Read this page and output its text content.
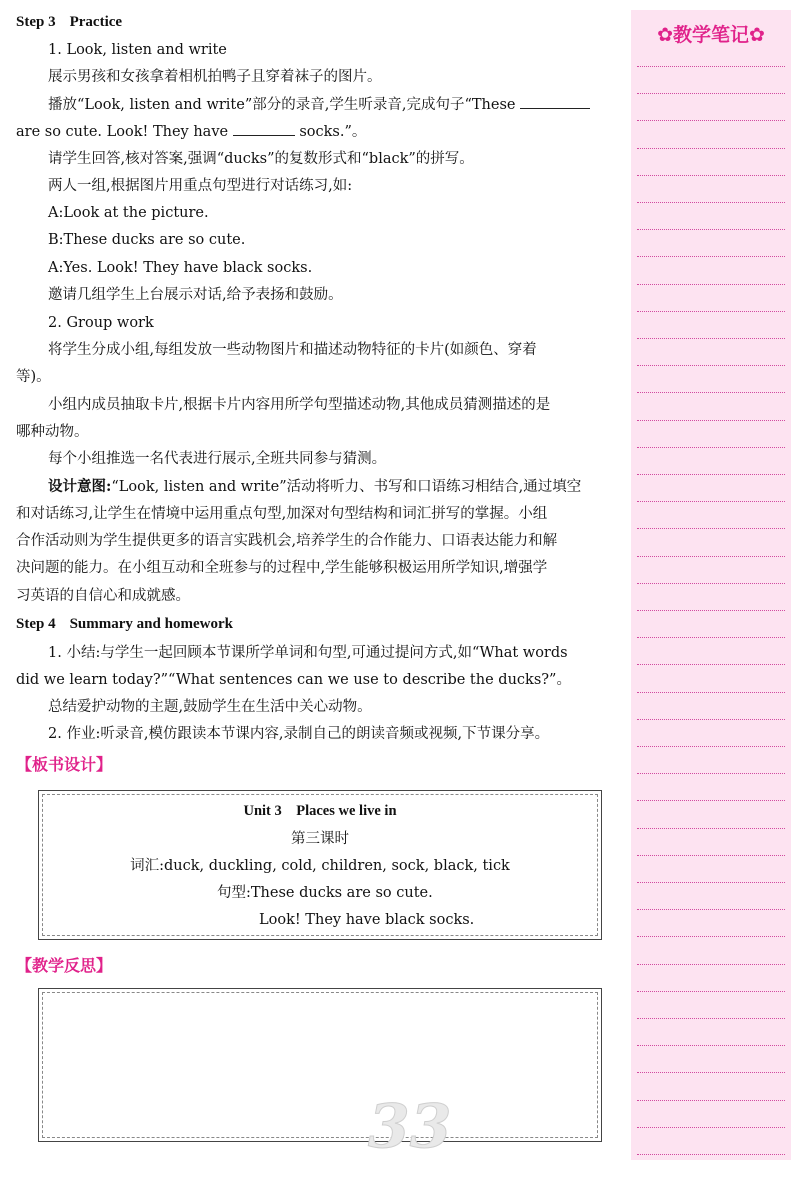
Step 3 Practice
1. Look, listen and write
展示男孩和女孩拿着相机拍鸭子且穿着袜子的图片。
播放“Look, listen and write”部分的录音,学生听录音,完成句子“These
are so cute. Look! They have	socks.”。
请学生回答,核对答案,强调“ducks”的复数形式和“black”的拼写。
两人一组,根据图片用重点句型进行对话练习,如:
A:Look at the picture.
B:These ducks are so cute.
A:Yes. Look! They have black socks.
邀请几组学生上台展示对话,给予表扬和鼓励。
2. Group work
将学生分成小组,每组发放一些动物图片和描述动物特征的卡片(如颜色、穿着
等)。
小组内成员抽取卡片,根据卡片内容用所学句型描述动物,其他成员猜测描述的是
哪种动物。
每个小组推选一名代表进行展示,全班共同参与猜测。
设计意图:“Look, listen and write”活动将听力、书写和口语练习相结合,通过填空
和对话练习,让学生在情境中运用重点句型,加深对句型结构和词汇拼写的掌握。小组
合作活动则为学生提供更多的语言实践机会,培养学生的合作能力、口语表达能力和解
决问题的能力。在小组互动和全班参与的过程中,学生能够积极运用所学知识,增强学
习英语的自信心和成就感。
Step 4 Summary and homework
1. 小结:与学生一起回顾本节课所学单词和句型,可通过提问方式,如“What words
did we learn today?”“What sentences can we use to describe the ducks?”。
总结爱护动物的主题,鼓励学生在生活中关心动物。
2. 作业:听录音,模仿跟读本节课内容,录制自己的朗读音频或视频,下节课分享。
【板书设计】
Unit 3    Places we live in
第三课时
词汇:duck, duckling, cold, children, sock, black, tick
句型:These ducks are so cute.
Look! They have black socks.
【教学反思】
33
✿教学笔记✿
